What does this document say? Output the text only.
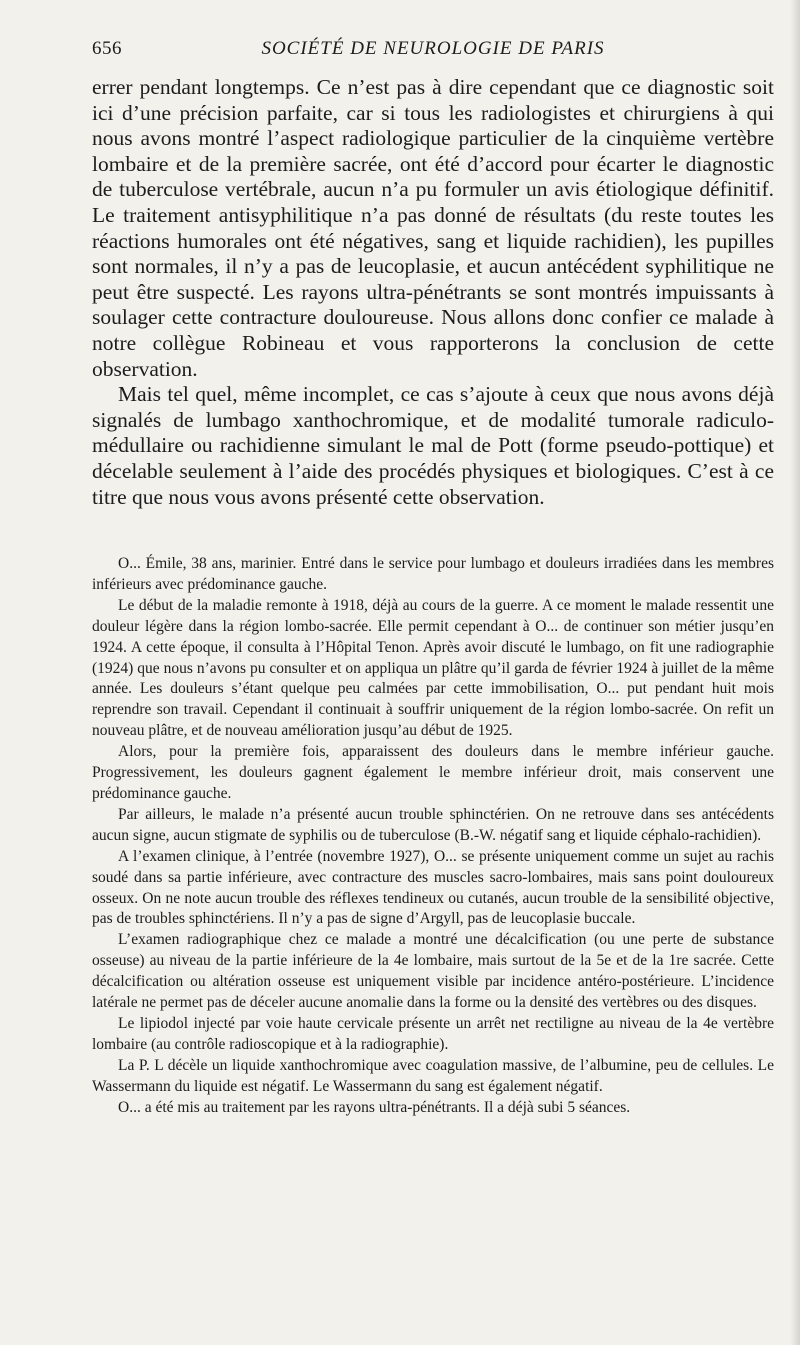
656	SOCIÉTÉ DE NEUROLOGIE DE PARIS

errer pendant longtemps. Ce n’est pas à dire cependant que ce diagnostic soit ici d’une précision parfaite, car si tous les radiologistes et chirurgiens à qui nous avons montré l’aspect radiologique particulier de la cinquième vertèbre lombaire et de la première sacrée, ont été d’accord pour écarter le diagnostic de tuberculose vertébrale, aucun n’a pu formuler un avis étiologique définitif. Le traitement antisyphilitique n’a pas donné de résultats (du reste toutes les réactions humorales ont été négatives, sang et liquide rachidien), les pupilles sont normales, il n’y a pas de leucoplasie, et aucun antécédent syphilitique ne peut être suspecté. Les rayons ultra-pénétrants se sont montrés impuissants à soulager cette contracture douloureuse. Nous allons donc confier ce malade à notre collègue Robineau et vous rapporterons la conclusion de cette observation.

Mais tel quel, même incomplet, ce cas s’ajoute à ceux que nous avons déjà signalés de lumbago xanthochromique, et de modalité tumorale radiculo-médullaire ou rachidienne simulant le mal de Pott (forme pseudo-pottique) et décelable seulement à l’aide des procédés physiques et biologiques. C’est à ce titre que nous vous avons présenté cette observation.

O... Émile, 38 ans, marinier. Entré dans le service pour lumbago et douleurs irradiées dans les membres inférieurs avec prédominance gauche.

Le début de la maladie remonte à 1918, déjà au cours de la guerre. A ce moment le malade ressentit une douleur légère dans la région lombo-sacrée. Elle permit cependant à O... de continuer son métier jusqu’en 1924. A cette époque, il consulta à l’Hôpital Tenon. Après avoir discuté le lumbago, on fit une radiographie (1924) que nous n’avons pu consulter et on appliqua un plâtre qu’il garda de février 1924 à juillet de la même année. Les douleurs s’étant quelque peu calmées par cette immobilisation, O... put pendant huit mois reprendre son travail. Cependant il continuait à souffrir uniquement de la région lombo-sacrée. On refit un nouveau plâtre, et de nouveau amélioration jusqu’au début de 1925.

Alors, pour la première fois, apparaissent des douleurs dans le membre inférieur gauche. Progressivement, les douleurs gagnent également le membre inférieur droit, mais conservent une prédominance gauche.

Par ailleurs, le malade n’a présenté aucun trouble sphinctérien. On ne retrouve dans ses antécédents aucun signe, aucun stigmate de syphilis ou de tuberculose (B.-W. négatif sang et liquide céphalo-rachidien).

A l’examen clinique, à l’entrée (novembre 1927), O... se présente uniquement comme un sujet au rachis soudé dans sa partie inférieure, avec contracture des muscles sacro-lombaires, mais sans point douloureux osseux. On ne note aucun trouble des réflexes tendineux ou cutanés, aucun trouble de la sensibilité objective, pas de troubles sphinctériens. Il n’y a pas de signe d’Argyll, pas de leucoplasie buccale.

L’examen radiographique chez ce malade a montré une décalcification (ou une perte de substance osseuse) au niveau de la partie inférieure de la 4e lombaire, mais surtout de la 5e et de la 1re sacrée. Cette décalcification ou altération osseuse est uniquement visible par incidence antéro-postérieure. L’incidence latérale ne permet pas de déceler aucune anomalie dans la forme ou la densité des vertèbres ou des disques.

Le lipiodol injecté par voie haute cervicale présente un arrêt net rectiligne au niveau de la 4e vertèbre lombaire (au contrôle radioscopique et à la radiographie).

La P. L décèle un liquide xanthochromique avec coagulation massive, de l’albumine, peu de cellules. Le Wassermann du liquide est négatif. Le Wassermann du sang est également négatif.

O... a été mis au traitement par les rayons ultra-pénétrants. Il a déjà subi 5 séances.
